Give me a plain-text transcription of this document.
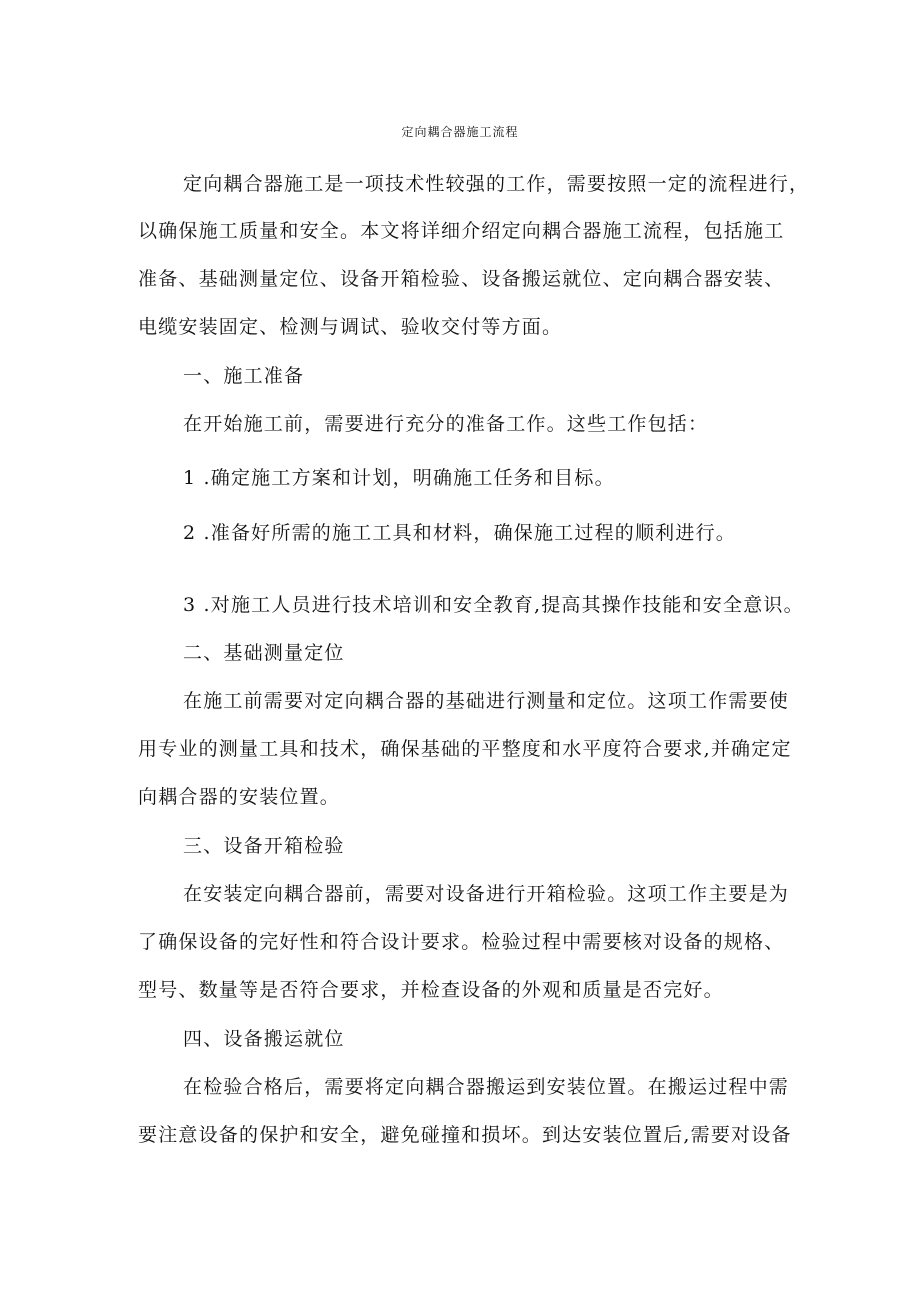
定向耦合器施工流程
定向耦合器施工是一项技术性较强的工作，需要按照一定的流程进行，
以确保施工质量和安全。本文将详细介绍定向耦合器施工流程，包括施工
准备、基础测量定位、设备开箱检验、设备搬运就位、定向耦合器安装、
电缆安装固定、检测与调试、验收交付等方面。
一、施工准备
在开始施工前，需要进行充分的准备工作。这些工作包括：
1 .确定施工方案和计划，明确施工任务和目标。
2 .准备好所需的施工工具和材料，确保施工过程的顺利进行。
3 .对施工人员进行技术培训和安全教育,提高其操作技能和安全意识。
二、基础测量定位
在施工前需要对定向耦合器的基础进行测量和定位。这项工作需要使
用专业的测量工具和技术，确保基础的平整度和水平度符合要求,并确定定
向耦合器的安装位置。
三、设备开箱检验
在安装定向耦合器前，需要对设备进行开箱检验。这项工作主要是为
了确保设备的完好性和符合设计要求。检验过程中需要核对设备的规格、
型号、数量等是否符合要求，并检查设备的外观和质量是否完好。
四、设备搬运就位
在检验合格后，需要将定向耦合器搬运到安装位置。在搬运过程中需
要注意设备的保护和安全，避免碰撞和损坏。到达安装位置后,需要对设备
